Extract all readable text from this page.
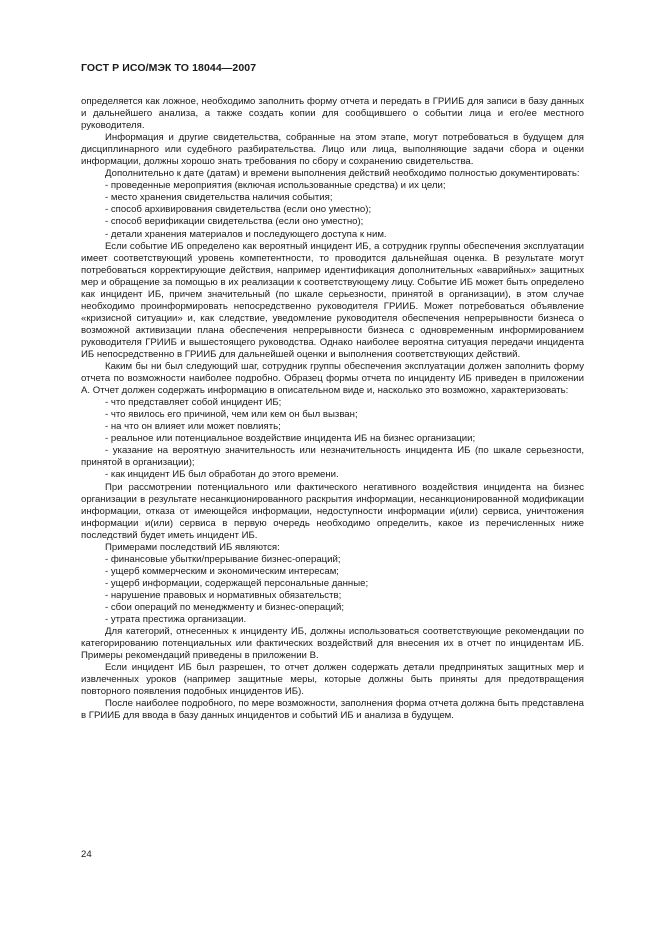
ГОСТ Р ИСО/МЭК ТО 18044—2007

определяется как ложное, необходимо заполнить форму отчета и передать в ГРИИБ для записи в базу данных и дальнейшего анализа, а также создать копии для сообщившего о событии лица и его/ее местного руководителя.

Информация и другие свидетельства, собранные на этом этапе, могут потребоваться в будущем для дисциплинарного или судебного разбирательства. Лицо или лица, выполняющие задачи сбора и оценки информации, должны хорошо знать требования по сбору и сохранению свидетельства.

Дополнительно к дате (датам) и времени выполнения действий необходимо полностью документировать:

- проведенные мероприятия (включая использованные средства) и их цели;

- место хранения свидетельства наличия события;

- способ архивирования свидетельства (если оно уместно);

- способ верификации свидетельства (если оно уместно);

- детали хранения материалов и последующего доступа к ним.

Если событие ИБ определено как вероятный инцидент ИБ, а сотрудник группы обеспечения эксплуатации имеет соответствующий уровень компетентности, то проводится дальнейшая оценка. В результате могут потребоваться корректирующие действия, например идентификация дополнительных «аварийных» защитных мер и обращение за помощью в их реализации к соответствующему лицу. Событие ИБ может быть определено как инцидент ИБ, причем значительный (по шкале серьезности, принятой в организации), в этом случае необходимо проинформировать непосредственно руководителя ГРИИБ. Может потребоваться объявление «кризисной ситуации» и, как следствие, уведомление руководителя обеспечения непрерывности бизнеса о возможной активизации плана обеспечения непрерывности бизнеса с одновременным информированием руководителя ГРИИБ и вышестоящего руководства. Однако наиболее вероятна ситуация передачи инцидента ИБ непосредственно в ГРИИБ для дальнейшей оценки и выполнения соответствующих действий.

Каким бы ни был следующий шаг, сотрудник группы обеспечения эксплуатации должен заполнить форму отчета по возможности наиболее подробно. Образец формы отчета по инциденту ИБ приведен в приложении А. Отчет должен содержать информацию в описательном виде и, насколько это возможно, характеризовать:

- что представляет собой инцидент ИБ;

- что явилось его причиной, чем или кем он был вызван;

- на что он влияет или может повлиять;

- реальное или потенциальное воздействие инцидента ИБ на бизнес организации;

- указание на вероятную значительность или незначительность инцидента ИБ (по шкале серьезности, принятой в организации);

- как инцидент ИБ был обработан до этого времени.

При рассмотрении потенциального или фактического негативного воздействия инцидента на бизнес организации в результате несанкционированного раскрытия информации, несанкционированной модификации информации, отказа от имеющейся информации, недоступности информации и(или) сервиса, уничтожения информации и(или) сервиса в первую очередь необходимо определить, какое из перечисленных ниже последствий будет иметь инцидент ИБ.

Примерами последствий ИБ являются:

- финансовые убытки/прерывание бизнес-операций;

- ущерб коммерческим и экономическим интересам;

- ущерб информации, содержащей персональные данные;

- нарушение правовых и нормативных обязательств;

- сбои операций по менеджменту и бизнес-операций;

- утрата престижа организации.

Для категорий, отнесенных к инциденту ИБ, должны использоваться соответствующие рекомендации по категорированию потенциальных или фактических воздействий для внесения их в отчет по инцидентам ИБ. Примеры рекомендаций приведены в приложении В.

Если инцидент ИБ был разрешен, то отчет должен содержать детали предпринятых защитных мер и извлеченных уроков (например защитные меры, которые должны быть приняты для предотвращения повторного появления подобных инцидентов ИБ).

После наиболее подробного, по мере возможности, заполнения форма отчета должна быть представлена в ГРИИБ для ввода в базу данных инцидентов и событий ИБ и анализа в будущем.

24
